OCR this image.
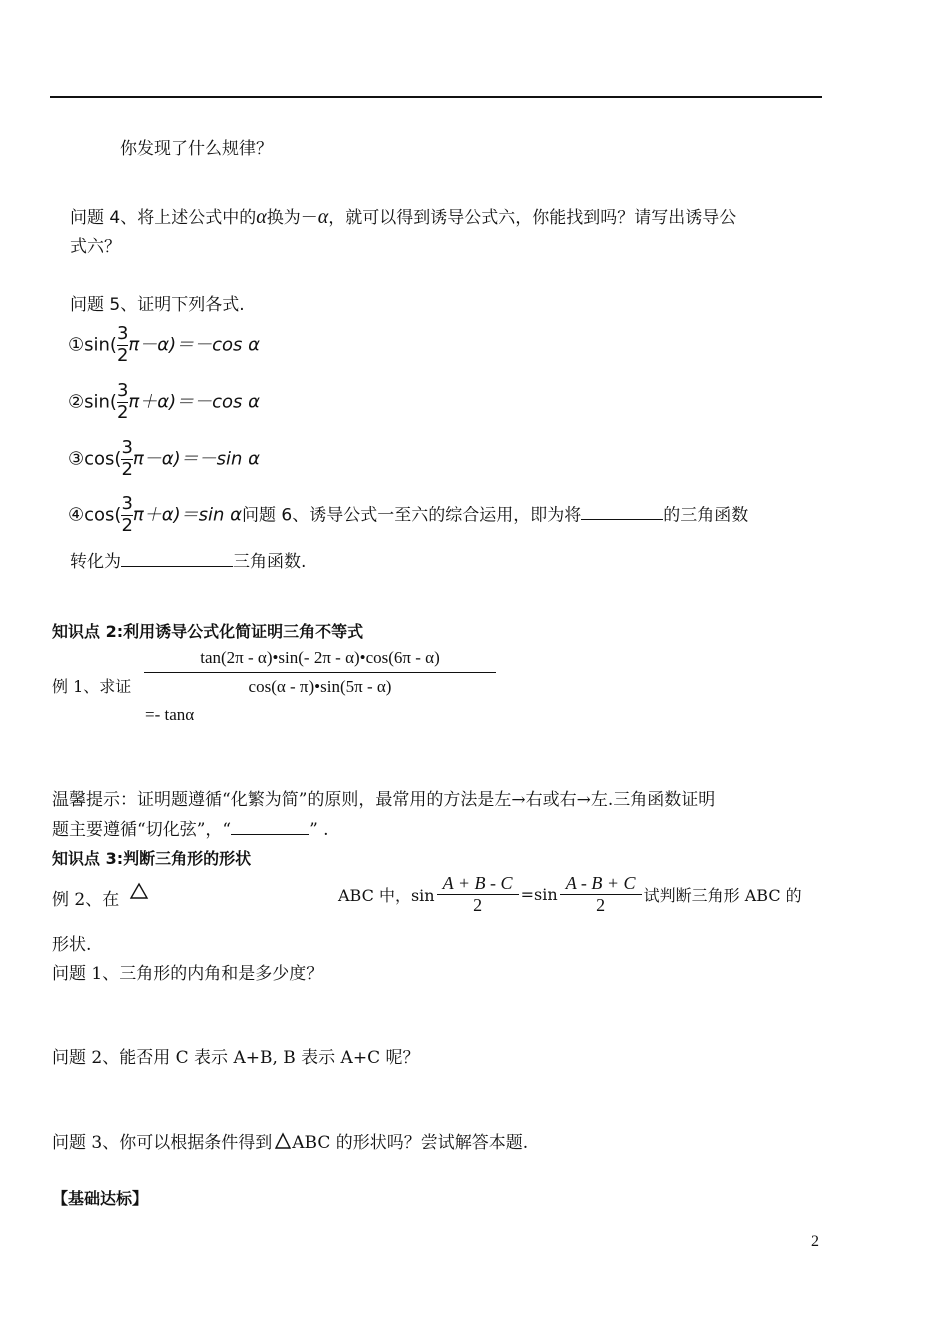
你发现了什么规律？
问题 4、将上述公式中的α换为－α，就可以得到诱导公式六，你能找到吗？请写出诱导公
式六？
问题 5、证明下列各式.
①sin( $\frac{3}{2} \pi-\alpha)=-\cos$ α
②sin( $\frac{3}{2} \pi+\alpha)=-\cos$ α
③cos( $\frac{3}{2} \pi-\alpha)=-\sin$ α
④cos( $\frac{3}{2} \pi+\alpha)=\sin$ α问题 6、诱导公式一至六的综合运用，即为将	的三角函数
转化为	三角函数.
知识点 2:利用诱导公式化简证明三角不等式
例 1、求证
tan(2π - α)•sin(- 2π - α)•cos(6π - α)
cos(α - π)•sin(5π - α)
=- tanα
温馨提示：证明题遵循“化繁为简”的原则，最常用的方法是左→右或右→左.三角函数证明
题主要遵循“切化弦”，“	” .
知识点 3:判断三角形的形状
例 2、在	ABC 中，$\sin \frac{A + B - C}{2} =\sin \frac{A - B + C}{2}$ 试判断三角形 ABC 的
形状.
问题 1、三角形的内角和是多少度？
问题 2、能否用 C 表示 A+B, B 表示 A+C 呢？
问题 3、你可以根据条件得到 ABC 的形状吗？尝试解答本题.
【基础达标】
2
